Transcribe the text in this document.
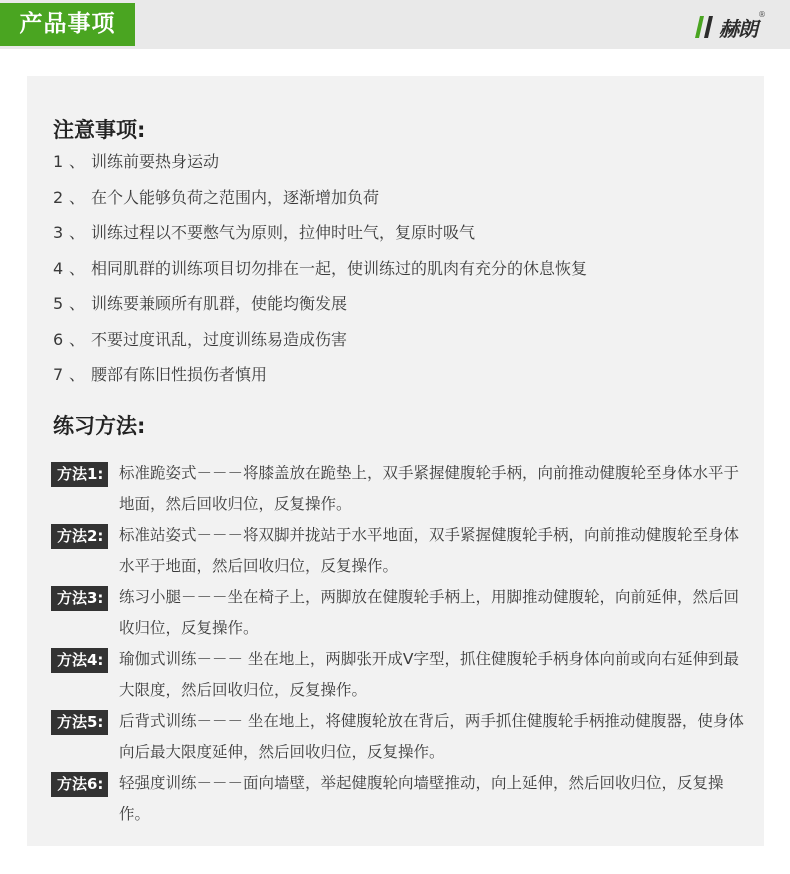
产品事项	赫朗
®
注意事项:
1 、 训练前要热身运动
2 、 在个人能够负荷之范围内，逐渐增加负荷
3 、 训练过程以不要憋气为原则，拉伸时吐气，复原时吸气
4 、 相同肌群的训练项目切勿排在一起，使训练过的肌肉有充分的休息恢复
5 、 训练要兼顾所有肌群，使能均衡发展
6 、 不要过度讯乱，过度训练易造成伤害
7 、 腰部有陈旧性损伤者慎用
练习方法:
方法1:	标准跪姿式－－－将膝盖放在跪垫上，双手紧握健腹轮手柄，向前推动健腹轮至身体水平于地面，然后回收归位，反复操作。

方法2:	标准站姿式－－－将双脚并拢站于水平地面，双手紧握健腹轮手柄，向前推动健腹轮至身体水平于地面，然后回收归位，反复操作。

方法3:	练习小腿－－－坐在椅子上，两脚放在健腹轮手柄上，用脚推动健腹轮，向前延伸，然后回收归位，反复操作。

方法4:	瑜伽式训练－－－ 坐在地上，两脚张开成V字型，抓住健腹轮手柄身体向前或向右延伸到最大限度，然后回收归位，反复操作。

方法5:	后背式训练－－－ 坐在地上，将健腹轮放在背后，两手抓住健腹轮手柄推动健腹器，使身体向后最大限度延伸，然后回收归位，反复操作。

方法6:	轻强度训练－－－面向墙壁，举起健腹轮向墙壁推动，向上延伸，然后回收归位，反复操作。
